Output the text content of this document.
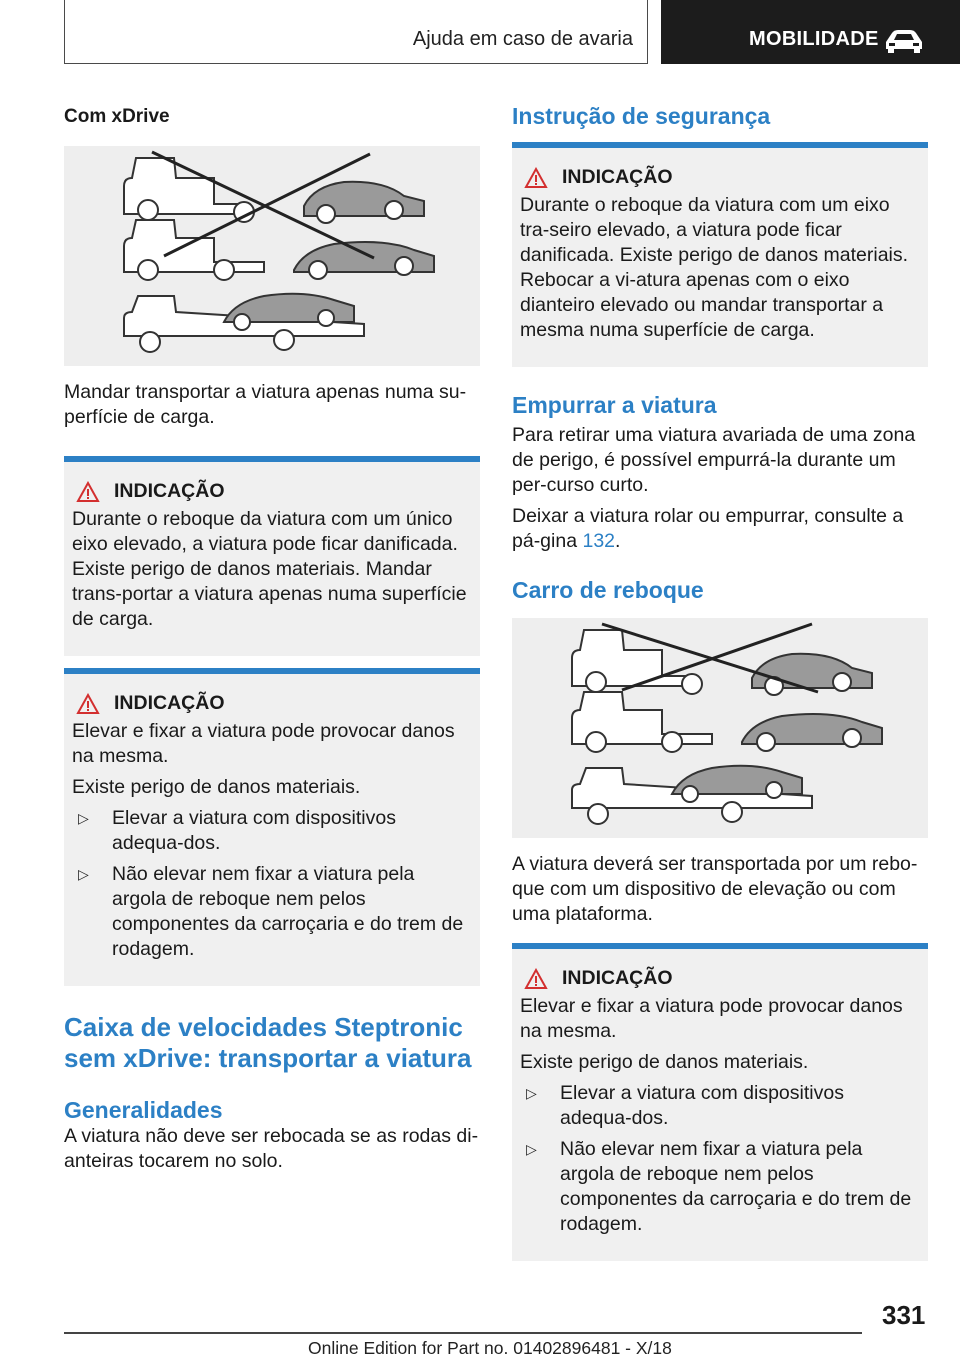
Ajuda em caso de avaria	MOBILIDADE
Com xDrive

Mandar transportar a viatura apenas numa su-perfície de carga.

INDICAÇÃO

Durante o reboque da viatura com um único eixo elevado, a viatura pode ficar danificada. Existe perigo de danos materiais. Mandar trans-portar a viatura apenas numa superfície de carga.

INDICAÇÃO

Elevar e fixar a viatura pode provocar danos na mesma.

Existe perigo de danos materiais.

▷	Elevar a viatura com dispositivos adequa-dos.
▷	Não elevar nem fixar a viatura pela argola de reboque nem pelos componentes da carroçaria e do trem de rodagem.
Caixa de velocidades Steptronic sem xDrive: transportar a viatura
Generalidades

A viatura não deve ser rebocada se as rodas di-anteiras tocarem no solo.

Instrução de segurança
INDICAÇÃO

Durante o reboque da viatura com um eixo tra-seiro elevado, a viatura pode ficar danificada. Existe perigo de danos materiais. Rebocar a vi-atura apenas com o eixo dianteiro elevado ou mandar transportar a mesma numa superfície de carga.

Empurrar a viatura

Para retirar uma viatura avariada de uma zona de perigo, é possível empurrá-la durante um per-curso curto.

Deixar a viatura rolar ou empurrar, consulte a pá-gina 132.

Carro de reboque

A viatura deverá ser transportada por um rebo-que com um dispositivo de elevação ou com uma plataforma.

INDICAÇÃO

Elevar e fixar a viatura pode provocar danos na mesma.

Existe perigo de danos materiais.

▷	Elevar a viatura com dispositivos adequa-dos.
▷	Não elevar nem fixar a viatura pela argola de reboque nem pelos componentes da carroçaria e do trem de rodagem.
331
Online Edition for Part no. 01402896481 - X/18
